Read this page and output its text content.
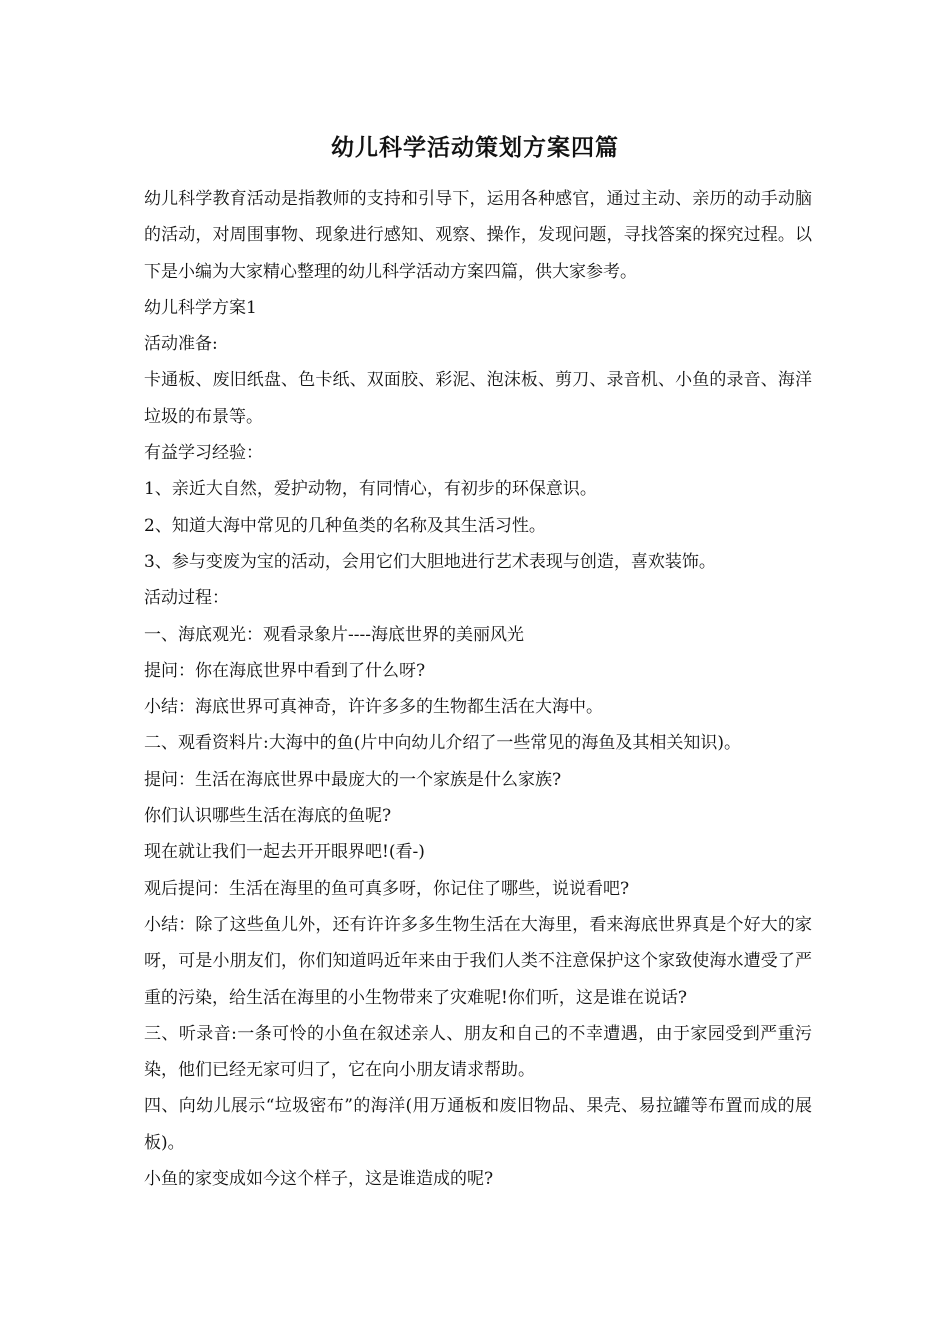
幼儿科学活动策划方案四篇

幼儿科学教育活动是指教师的支持和引导下，运用各种感官，通过主动、亲历的动手动脑的活动，对周围事物、现象进行感知、观察、操作，发现问题，寻找答案的探究过程。以下是小编为大家精心整理的幼儿科学活动方案四篇，供大家参考。

幼儿科学方案1

活动准备:

卡通板、废旧纸盘、色卡纸、双面胶、彩泥、泡沫板、剪刀、录音机、小鱼的录音、海洋垃圾的布景等。

有益学习经验：

1、亲近大自然，爱护动物，有同情心，有初步的环保意识。

2、知道大海中常见的几种鱼类的名称及其生活习性。

3、参与变废为宝的活动，会用它们大胆地进行艺术表现与创造，喜欢装饰。

活动过程：

一、海底观光：观看录象片----海底世界的美丽风光

提问：你在海底世界中看到了什么呀?

小结：海底世界可真神奇，许许多多的生物都生活在大海中。

二、观看资料片:大海中的鱼(片中向幼儿介绍了一些常见的海鱼及其相关知识)。

提问：生活在海底世界中最庞大的一个家族是什么家族?

你们认识哪些生活在海底的鱼呢?

现在就让我们一起去开开眼界吧!(看-)

观后提问：生活在海里的鱼可真多呀，你记住了哪些，说说看吧?

小结：除了这些鱼儿外，还有许许多多生物生活在大海里，看来海底世界真是个好大的家呀，可是小朋友们，你们知道吗近年来由于我们人类不注意保护这个家致使海水遭受了严重的污染，给生活在海里的小生物带来了灾难呢!你们听，这是谁在说话?

三、听录音:一条可怜的小鱼在叙述亲人、朋友和自己的不幸遭遇，由于家园受到严重污染，他们已经无家可归了，它在向小朋友请求帮助。

四、向幼儿展示“垃圾密布”的海洋(用万通板和废旧物品、果壳、易拉罐等布置而成的展板)。

小鱼的家变成如今这个样子，这是谁造成的呢?
